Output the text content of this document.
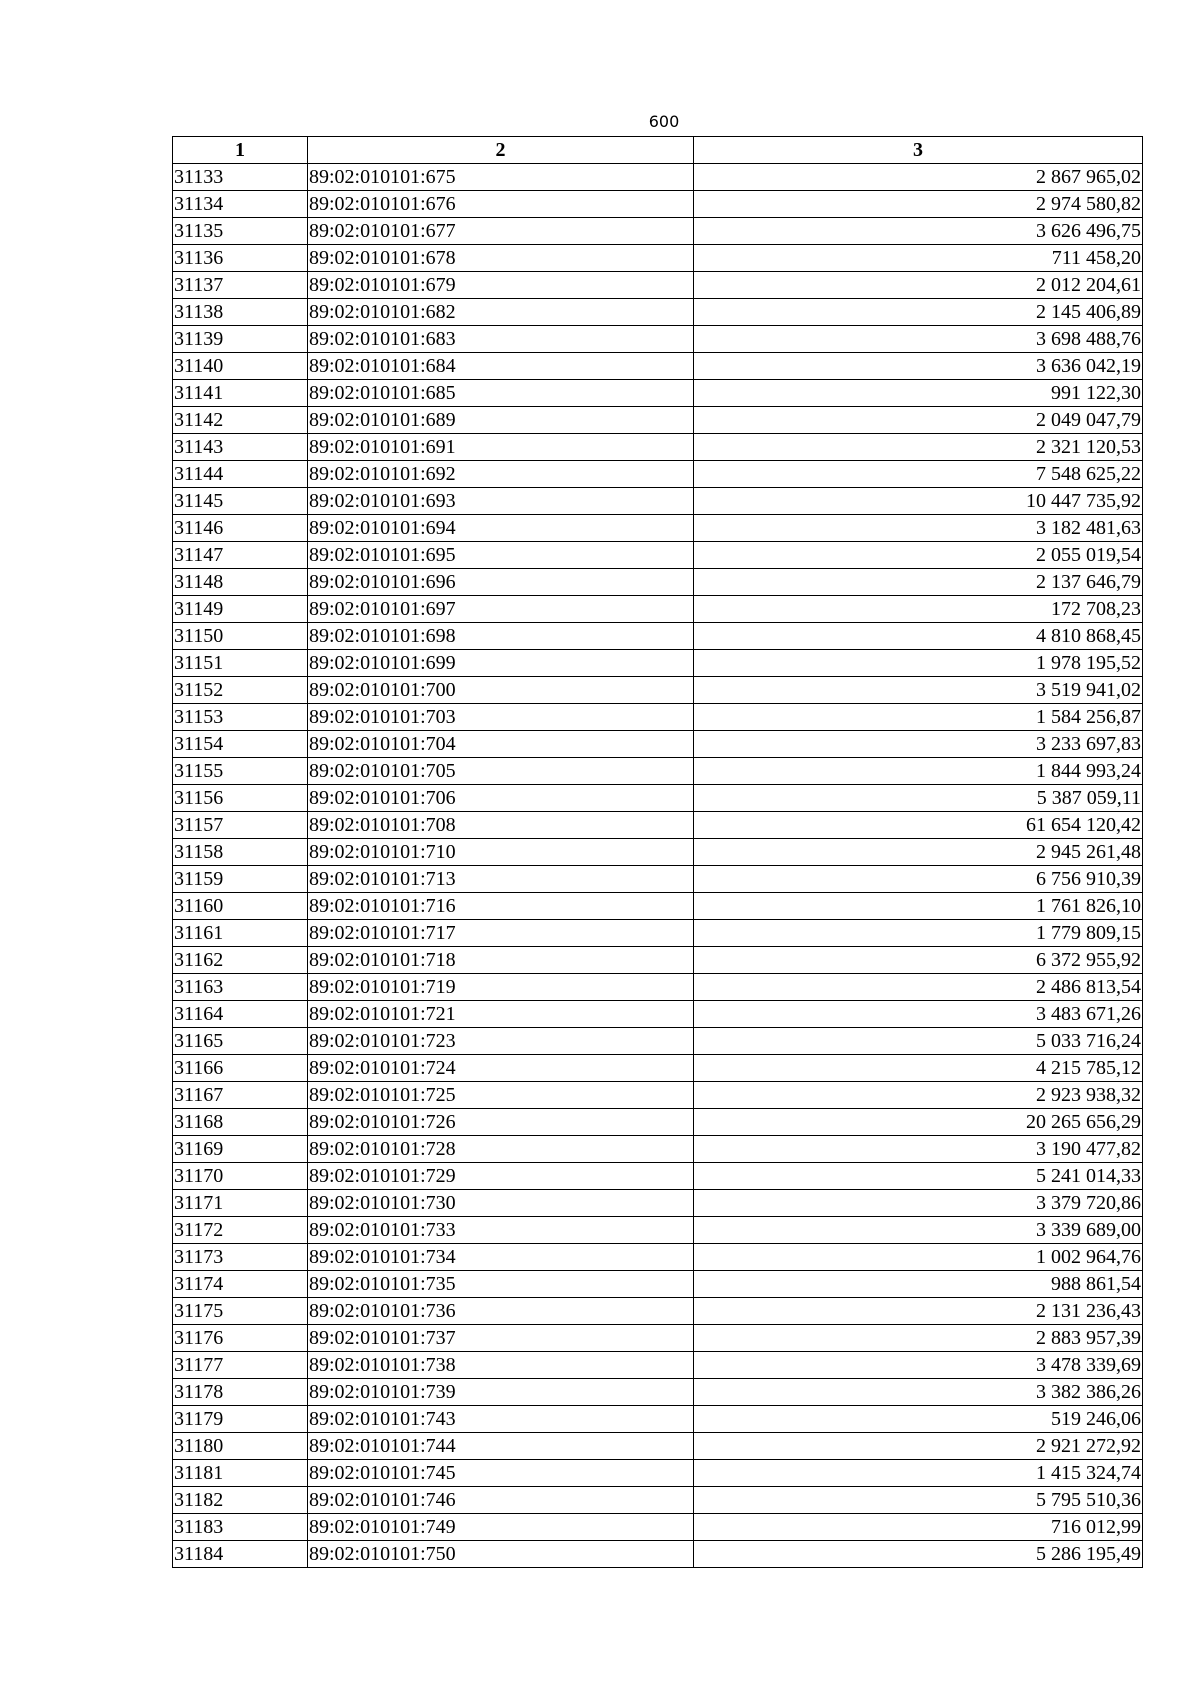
600
1	2	3
31133	89:02:010101:675	2 867 965,02
31134	89:02:010101:676	2 974 580,82
31135	89:02:010101:677	3 626 496,75
31136	89:02:010101:678	711 458,20
31137	89:02:010101:679	2 012 204,61
31138	89:02:010101:682	2 145 406,89
31139	89:02:010101:683	3 698 488,76
31140	89:02:010101:684	3 636 042,19
31141	89:02:010101:685	991 122,30
31142	89:02:010101:689	2 049 047,79
31143	89:02:010101:691	2 321 120,53
31144	89:02:010101:692	7 548 625,22
31145	89:02:010101:693	10 447 735,92
31146	89:02:010101:694	3 182 481,63
31147	89:02:010101:695	2 055 019,54
31148	89:02:010101:696	2 137 646,79
31149	89:02:010101:697	172 708,23
31150	89:02:010101:698	4 810 868,45
31151	89:02:010101:699	1 978 195,52
31152	89:02:010101:700	3 519 941,02
31153	89:02:010101:703	1 584 256,87
31154	89:02:010101:704	3 233 697,83
31155	89:02:010101:705	1 844 993,24
31156	89:02:010101:706	5 387 059,11
31157	89:02:010101:708	61 654 120,42
31158	89:02:010101:710	2 945 261,48
31159	89:02:010101:713	6 756 910,39
31160	89:02:010101:716	1 761 826,10
31161	89:02:010101:717	1 779 809,15
31162	89:02:010101:718	6 372 955,92
31163	89:02:010101:719	2 486 813,54
31164	89:02:010101:721	3 483 671,26
31165	89:02:010101:723	5 033 716,24
31166	89:02:010101:724	4 215 785,12
31167	89:02:010101:725	2 923 938,32
31168	89:02:010101:726	20 265 656,29
31169	89:02:010101:728	3 190 477,82
31170	89:02:010101:729	5 241 014,33
31171	89:02:010101:730	3 379 720,86
31172	89:02:010101:733	3 339 689,00
31173	89:02:010101:734	1 002 964,76
31174	89:02:010101:735	988 861,54
31175	89:02:010101:736	2 131 236,43
31176	89:02:010101:737	2 883 957,39
31177	89:02:010101:738	3 478 339,69
31178	89:02:010101:739	3 382 386,26
31179	89:02:010101:743	519 246,06
31180	89:02:010101:744	2 921 272,92
31181	89:02:010101:745	1 415 324,74
31182	89:02:010101:746	5 795 510,36
31183	89:02:010101:749	716 012,99
31184	89:02:010101:750	5 286 195,49
